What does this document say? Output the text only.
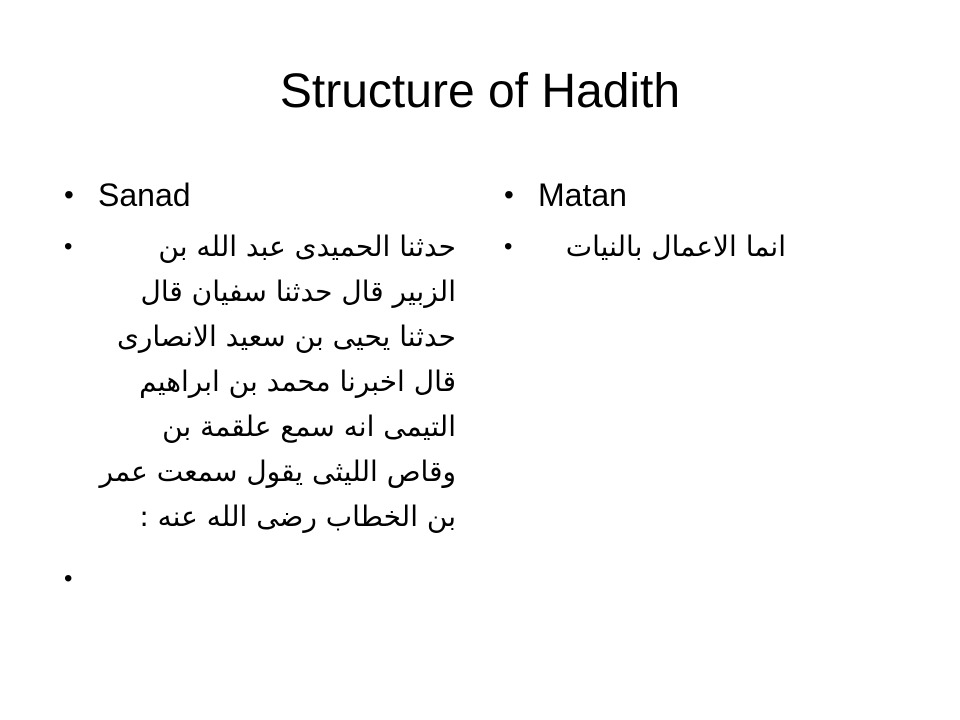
Structure of Hadith
• Sanad
•	حدثنا الحميدى عبد الله بن الزبير قال حدثنا سفيان قال حدثنا يحيى بن سعيد الانصارى قال اخبرنا محمد بن ابراهيم التيمى انه سمع علقمة بن وقاص الليثى يقول سمعت عمر بن الخطاب رضى الله عنه :
•
• Matan
• انما الاعمال بالنيات
